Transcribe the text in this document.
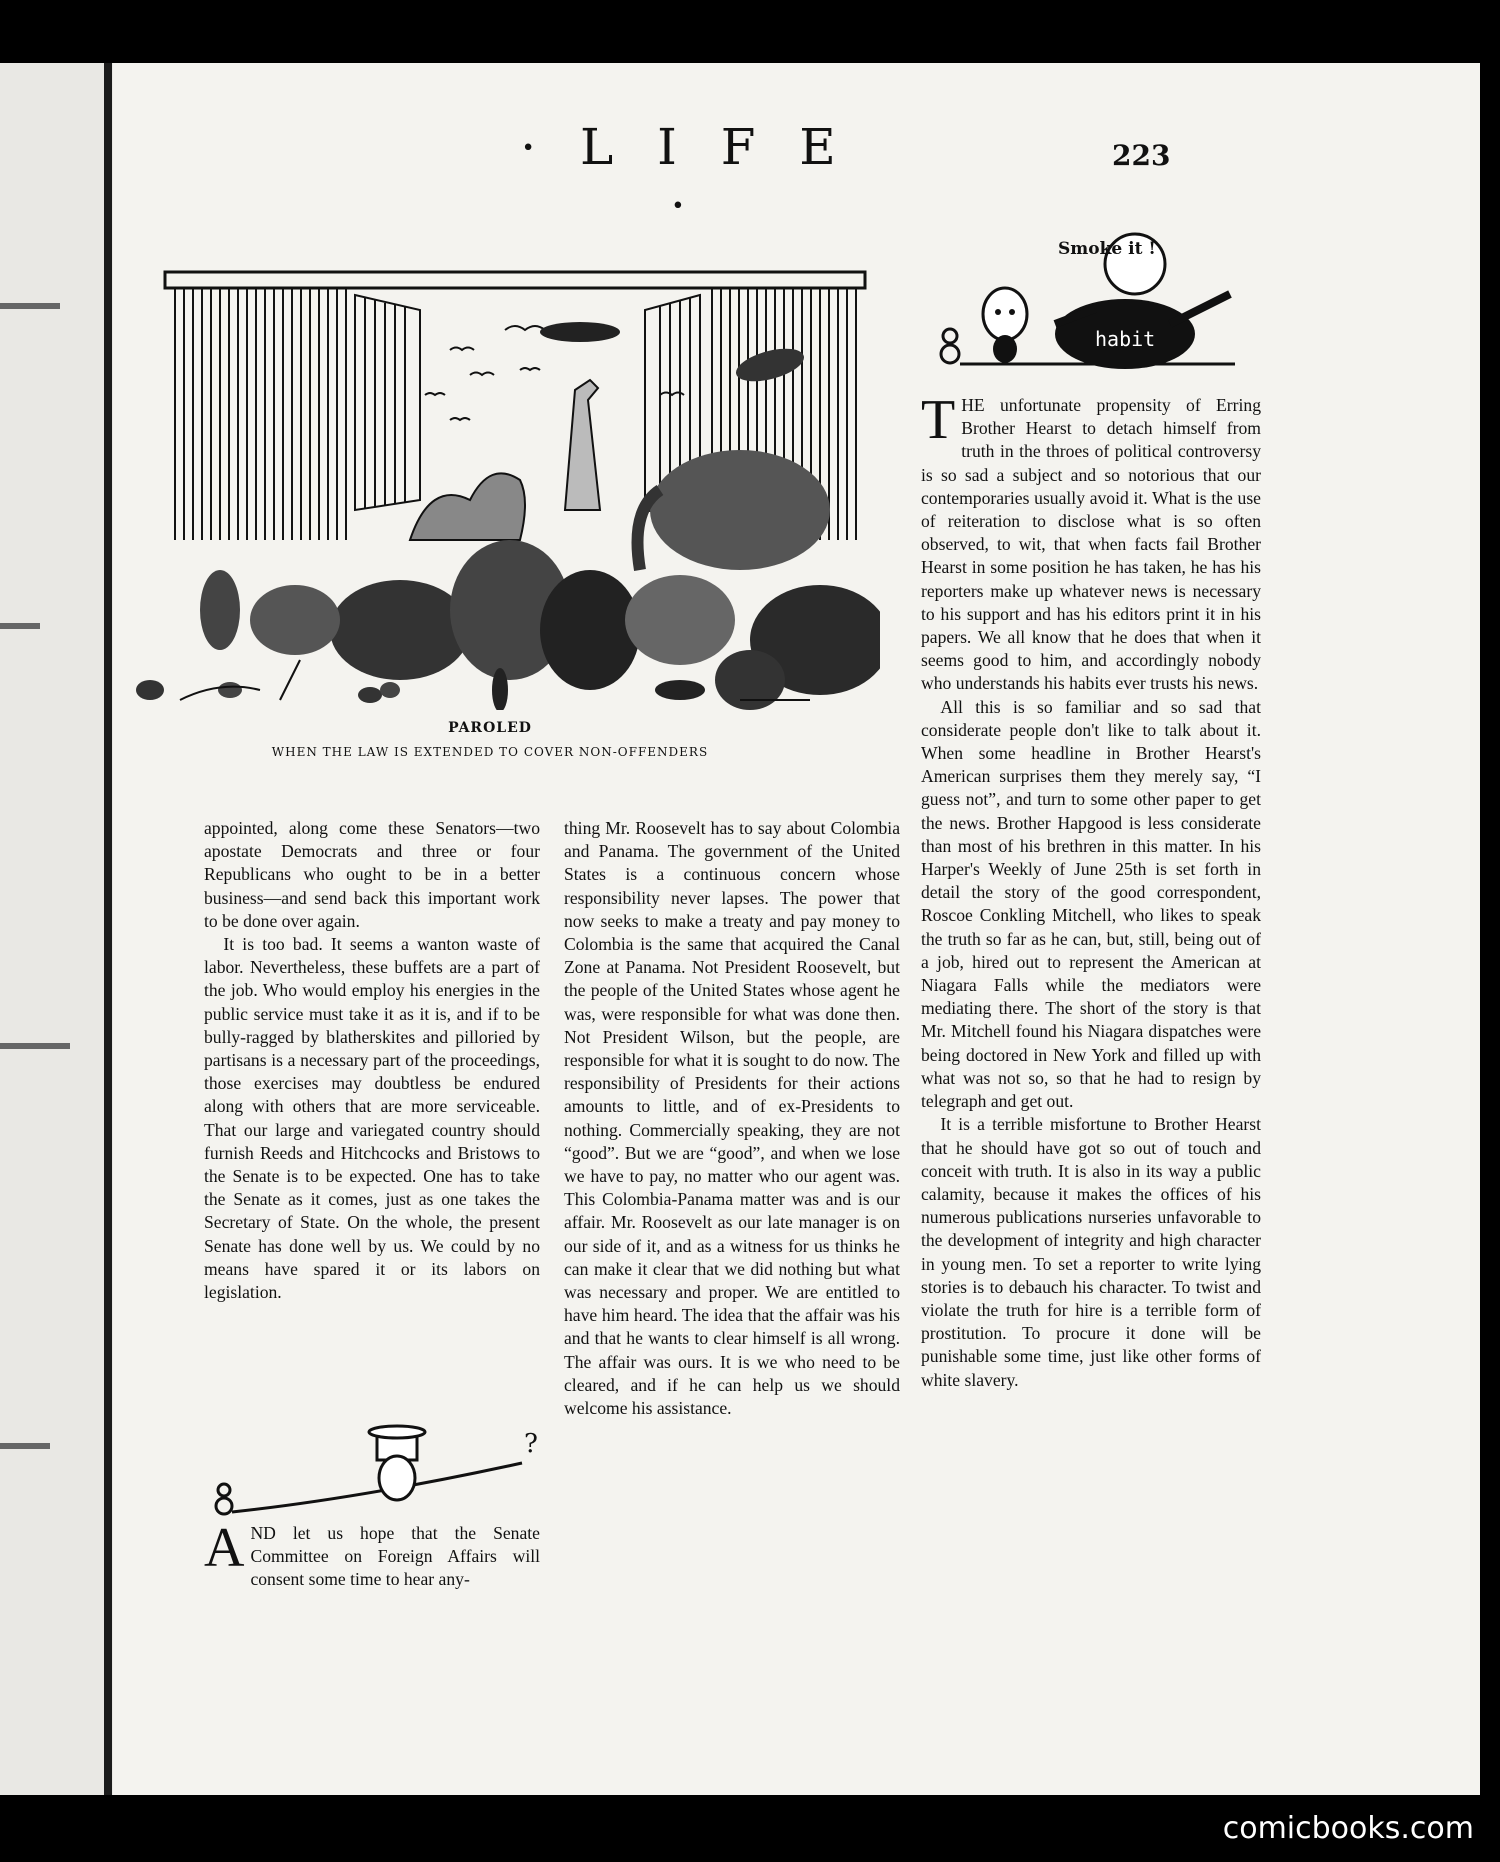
· L I F E ·
223
PAROLED
WHEN THE LAW IS EXTENDED TO COVER NON-OFFENDERS
Smoke it !
habit

appointed, along come these Senators—two apostate Democrats and three or four Republicans who ought to be in a better business—and send back this important work to be done over again.

It is too bad. It seems a wanton waste of labor. Nevertheless, these buffets are a part of the job. Who would employ his energies in the public service must take it as it is, and if to be bully-ragged by blatherskites and pilloried by partisans is a necessary part of the proceedings, those exercises may doubtless be endured along with others that are more serviceable. That our large and variegated country should furnish Reeds and Hitchcocks and Bristows to the Senate is to be expected. One has to take the Senate as it comes, just as one takes the Secretary of State. On the whole, the present Senate has done well by us. We could by no means have spared it or its labors on legislation.

?

A ND let us hope that the Senate Committee on Foreign Affairs will consent some time to hear any-

thing Mr. Roosevelt has to say about Colombia and Panama. The government of the United States is a continuous concern whose responsibility never lapses. The power that now seeks to make a treaty and pay money to Colombia is the same that acquired the Canal Zone at Panama. Not President Roosevelt, but the people of the United States whose agent he was, were responsible for what was done then. Not President Wilson, but the people, are responsible for what it is sought to do now. The responsibility of Presidents for their actions amounts to little, and of ex-Presidents to nothing. Commercially speaking, they are not “good”. But we are “good”, and when we lose we have to pay, no matter who our agent was. This Colombia-Panama matter was and is our affair. Mr. Roosevelt as our late manager is on our side of it, and as a witness for us thinks he can make it clear that we did nothing but what was necessary and proper. We are entitled to have him heard. The idea that the affair was his and that he wants to clear himself is all wrong. The affair was ours. It is we who need to be cleared, and if he can help us we should welcome his assistance.

T HE unfortunate propensity of Erring Brother Hearst to detach himself from truth in the throes of political controversy is so sad a subject and so notorious that our contemporaries usually avoid it. What is the use of reiteration to disclose what is so often observed, to wit, that when facts fail Brother Hearst in some position he has taken, he has his reporters make up whatever news is necessary to his support and has his editors print it in his papers. We all know that he does that when it seems good to him, and accordingly nobody who understands his habits ever trusts his news.

All this is so familiar and so sad that considerate people don't like to talk about it. When some headline in Brother Hearst's American surprises them they merely say, “I guess not”, and turn to some other paper to get the news. Brother Hapgood is less considerate than most of his brethren in this matter. In his Harper's Weekly of June 25th is set forth in detail the story of the good correspondent, Roscoe Conkling Mitchell, who likes to speak the truth so far as he can, but, still, being out of a job, hired out to represent the American at Niagara Falls while the mediators were mediating there. The short of the story is that Mr. Mitchell found his Niagara dispatches were being doctored in New York and filled up with what was not so, so that he had to resign by telegraph and get out.

It is a terrible misfortune to Brother Hearst that he should have got so out of touch and conceit with truth. It is also in its way a public calamity, because it makes the offices of his numerous publications nurseries unfavorable to the development of integrity and high character in young men. To set a reporter to write lying stories is to debauch his character. To twist and violate the truth for hire is a terrible form of prostitution. To procure it done will be punishable some time, just like other forms of white slavery.

comicbooks.com
